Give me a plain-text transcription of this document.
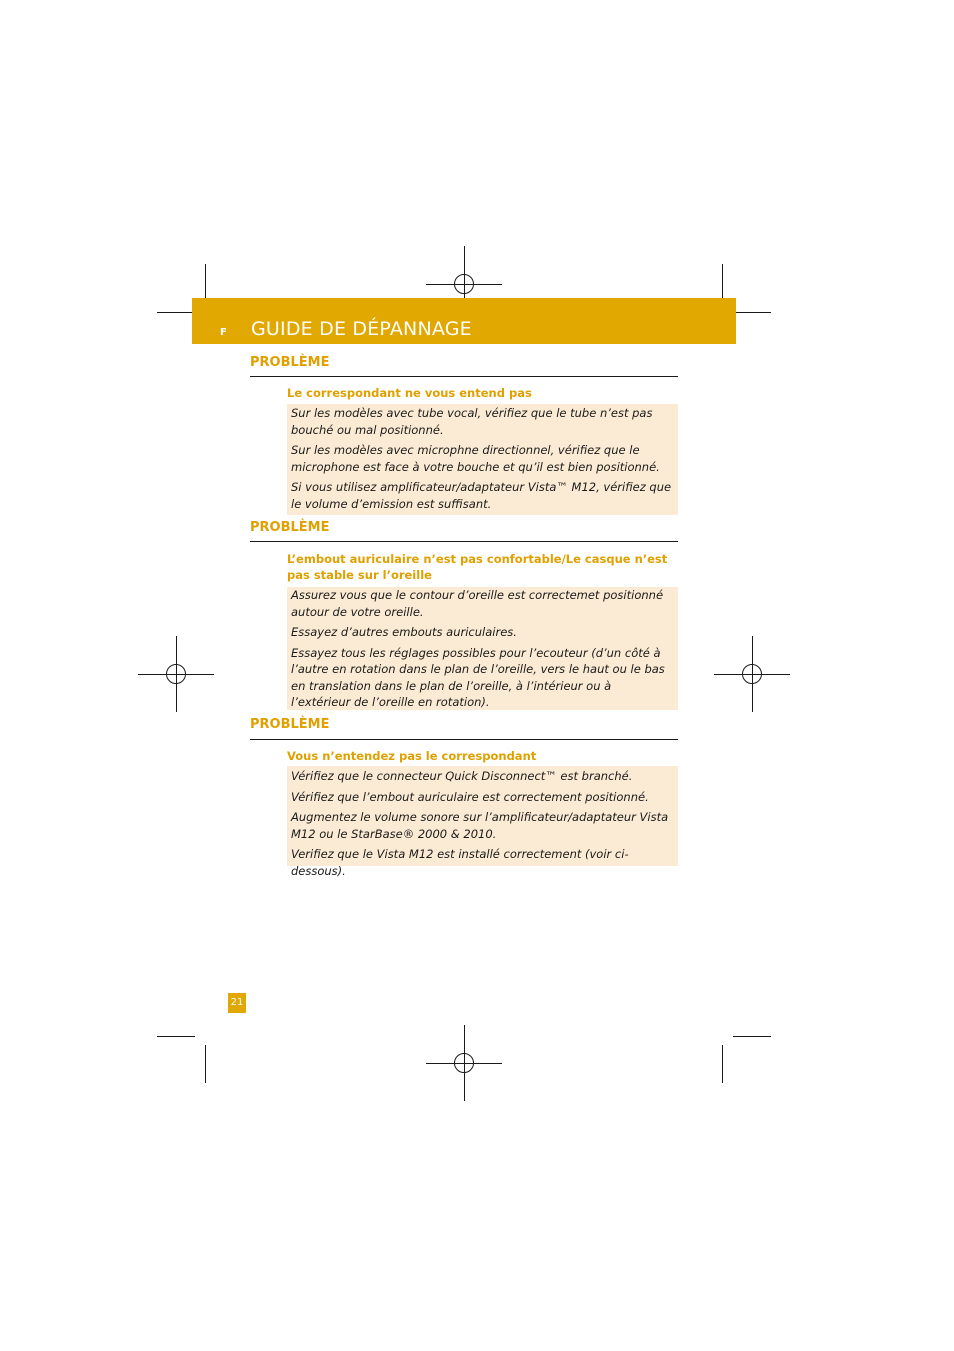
F GUIDE DE DÉPANNAGE
PROBLÈME
Le correspondant ne vous entend pas

Sur les modèles avec tube vocal, vérifiez que le tube n’est pas bouché ou mal positionné.

Sur les modèles avec microphne directionnel, vérifiez que le microphone est face à votre bouche et qu’il est bien positionné.

Si vous utilisez amplificateur/adaptateur Vista™ M12, vérifiez que le volume d’emission est suffisant.

PROBLÈME
L’embout auriculaire n’est pas confortable/Le casque n’est pas stable sur l’oreille

Assurez vous que le contour d’oreille est correctemet positionné autour de votre oreille.

Essayez d’autres embouts auriculaires.

Essayez tous les réglages possibles pour l’ecouteur (d’un côté à l’autre en rotation dans le plan de l’oreille, vers le haut ou le bas en translation dans le plan de l’oreille, à l’intérieur ou à l’extérieur de l’oreille en rotation).

PROBLÈME
Vous n’entendez pas le correspondant

Vérifiez que le connecteur Quick Disconnect™ est branché.

Vérifiez que l’embout auriculaire est correctement positionné.

Augmentez le volume sonore sur l’amplificateur/adaptateur Vista M12 ou le StarBase® 2000 & 2010.

Verifiez que le Vista M12 est installé correctement (voir ci-dessous).

21
